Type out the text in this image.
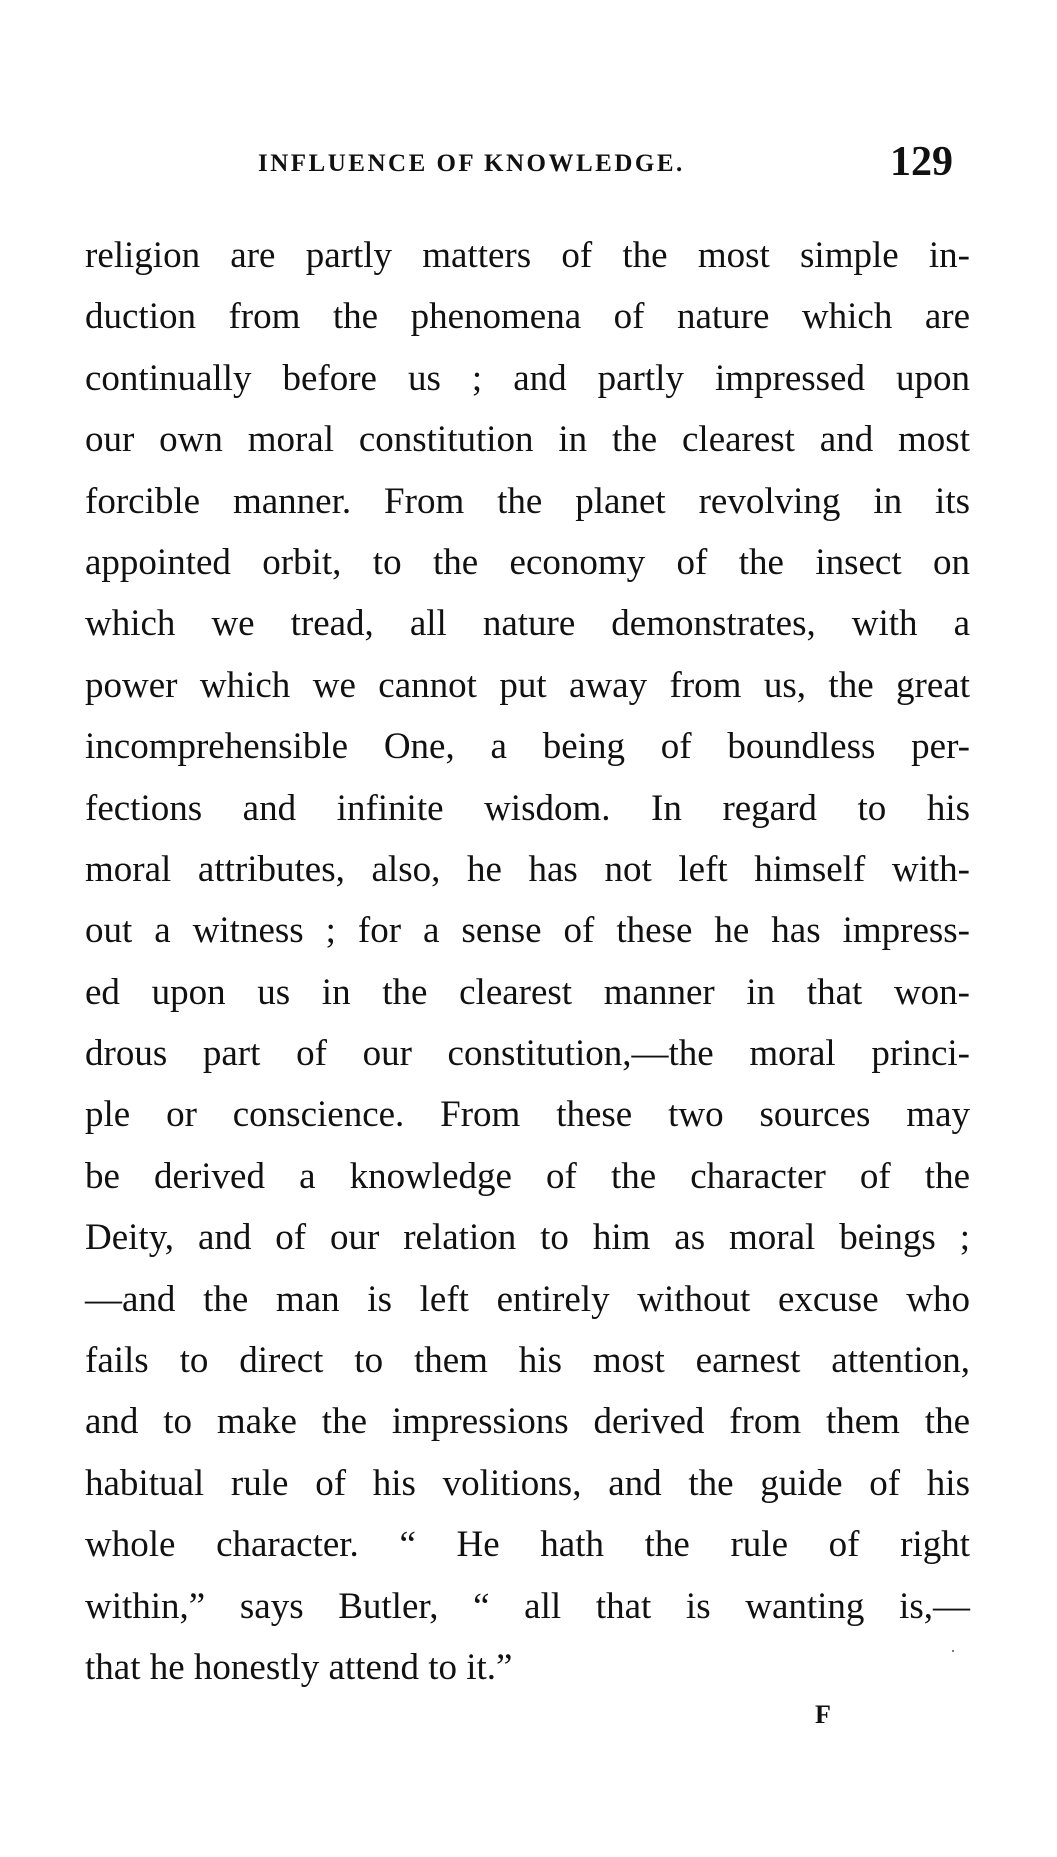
INFLUENCE OF KNOWLEDGE.	129
religion are partly matters of the most simple in-
duction from the phenomena of nature which are
continually before us ; and partly impressed upon
our own moral constitution in the clearest and most
forcible manner. From the planet revolving in its
appointed orbit, to the economy of the insect on
which we tread, all nature demonstrates, with a
power which we cannot put away from us, the great
incomprehensible One, a being of boundless per-
fections and infinite wisdom. In regard to his
moral attributes, also, he has not left himself with-
out a witness ; for a sense of these he has impress-
ed upon us in the clearest manner in that won-
drous part of our constitution,—the moral princi-
ple or conscience. From these two sources may
be derived a knowledge of the character of the
Deity, and of our relation to him as moral beings ;
—and the man is left entirely without excuse who
fails to direct to them his most earnest attention,
and to make the impressions derived from them the
habitual rule of his volitions, and the guide of his
whole character. “ He hath the rule of right
within,” says Butler, “ all that is wanting is,—
that he honestly attend to it.”
F
